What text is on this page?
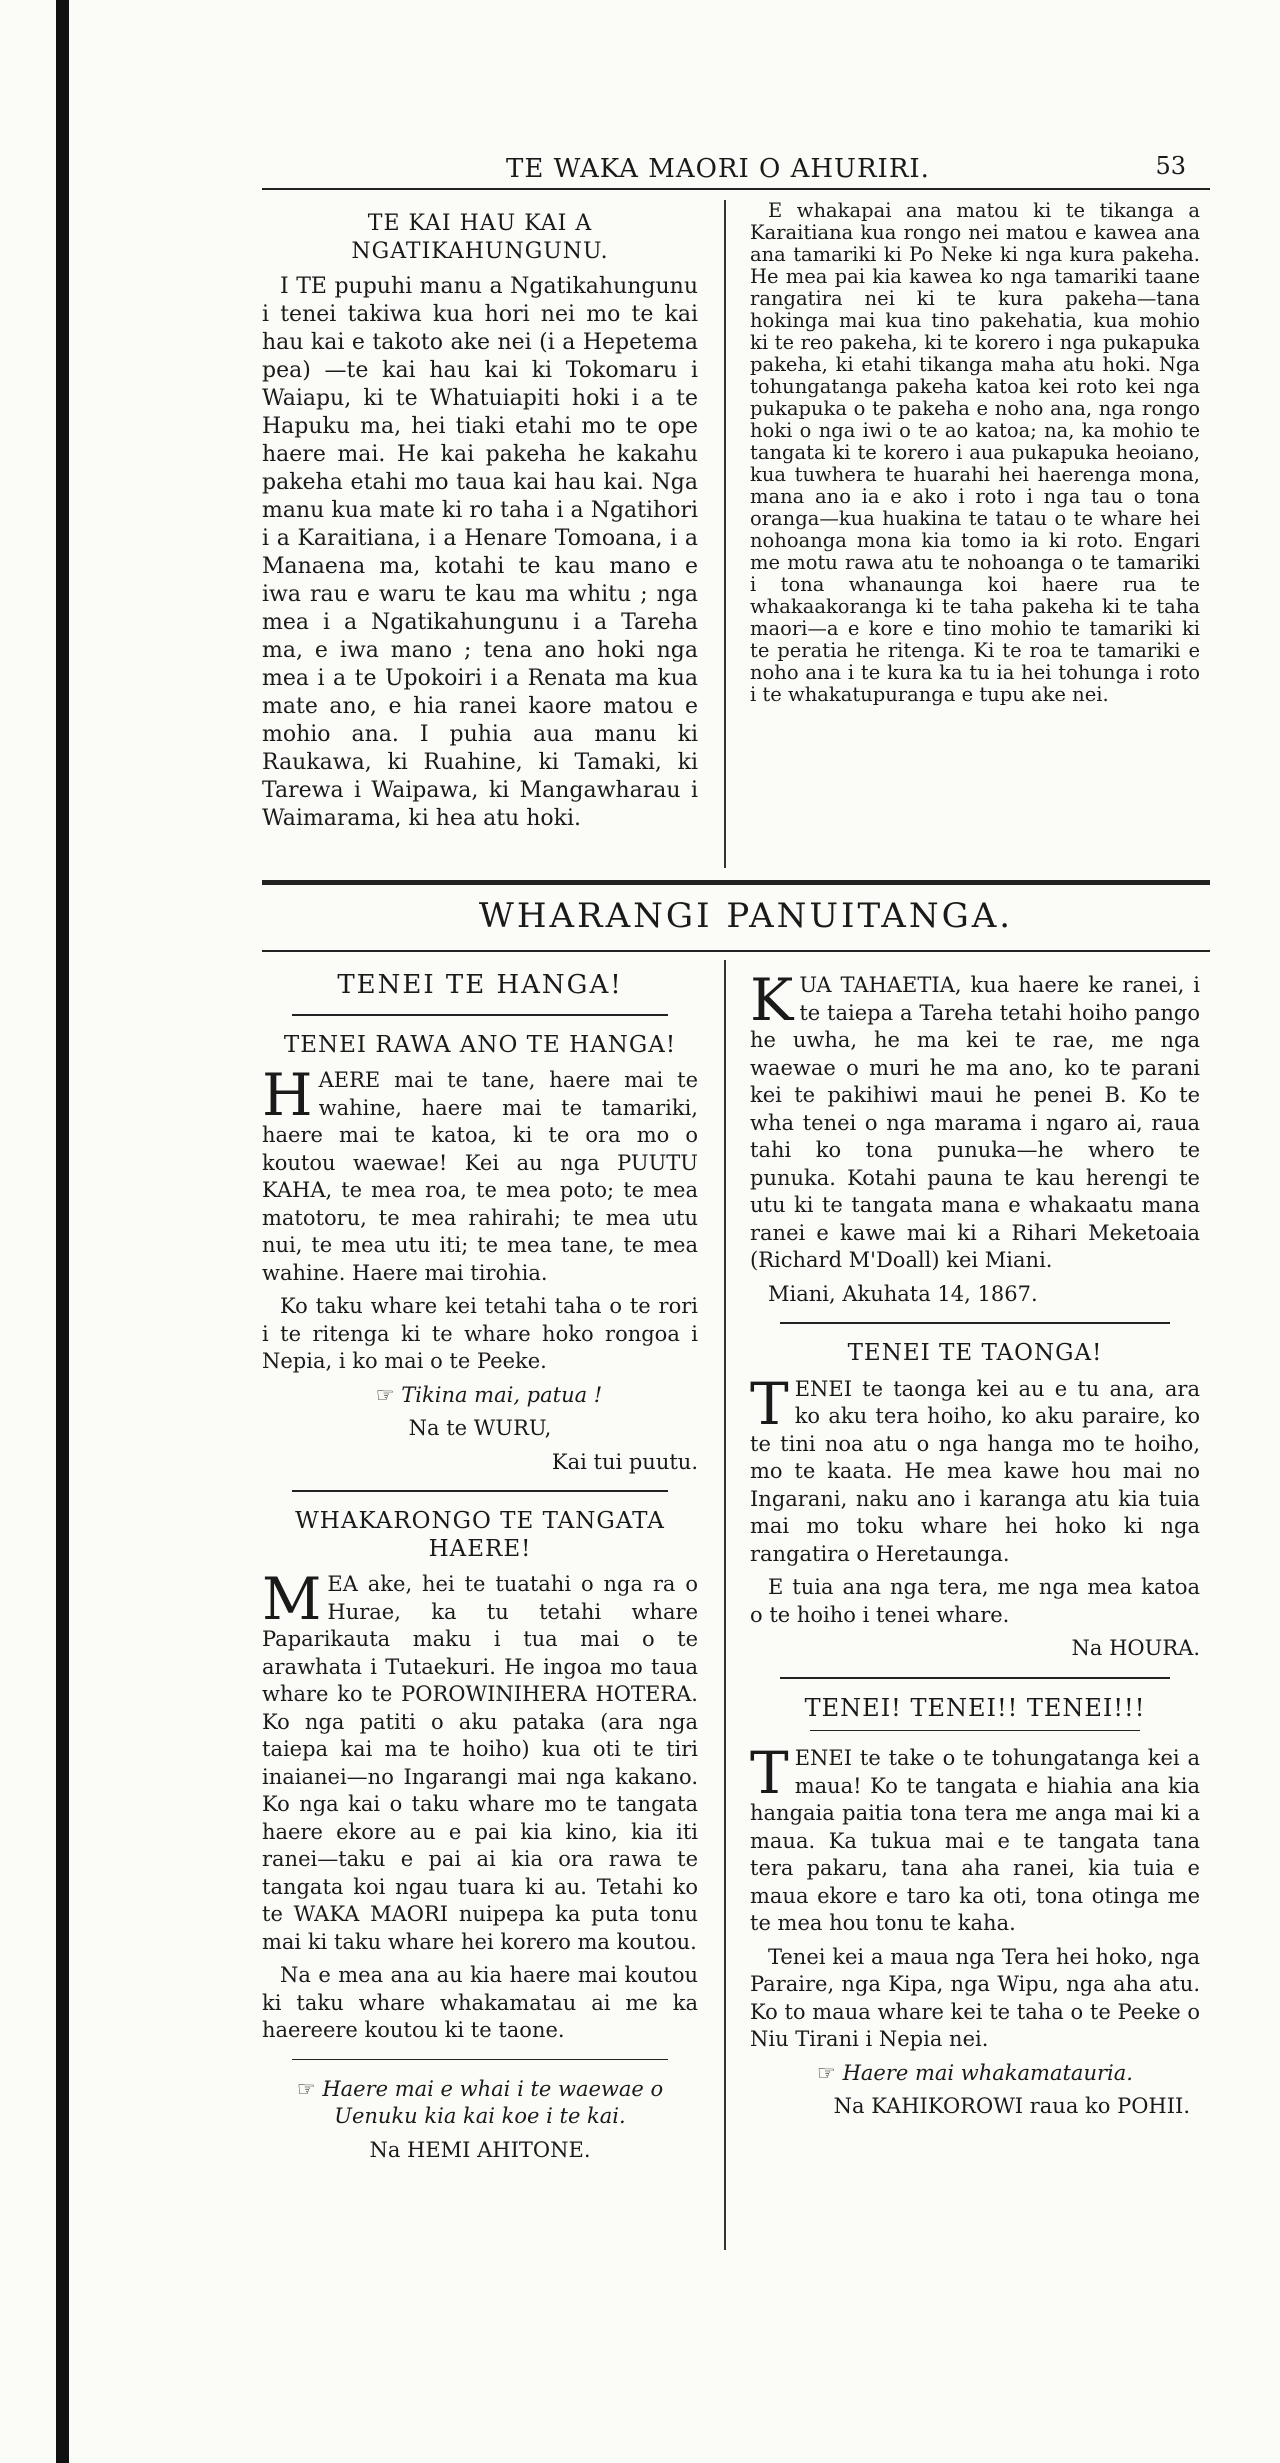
TE WAKA MAORI O AHURIRI.	53
TE KAI HAU KAI A NGATIKAHUNGUNU.

I TE pupuhi manu a Ngatikahungunu i tenei takiwa kua hori nei mo te kai hau kai e takoto ake nei (i a Hepetema pea) —te kai hau kai ki Tokomaru i Waiapu, ki te Whatuiapiti hoki i a te Hapuku ma, hei tiaki etahi mo te ope haere mai. He kai pakeha he kakahu pakeha etahi mo taua kai hau kai. Nga manu kua mate ki ro taha i a Ngatihori i a Karaitiana, i a Henare Tomoana, i a Manaena ma, kotahi te kau mano e iwa rau e waru te kau ma whitu ; nga mea i a Ngatikahungunu i a Tareha ma, e iwa mano ; tena ano hoki nga mea i a te Upokoiri i a Renata ma kua mate ano, e hia ranei kaore matou e mohio ana. I puhia aua manu ki Raukawa, ki Ruahine, ki Tamaki, ki Tarewa i Waipawa, ki Mangawharau i Waimarama, ki hea atu hoki.

E whakapai ana matou ki te tikanga a Karaitiana kua rongo nei matou e kawea ana ana tamariki ki Po Neke ki nga kura pakeha. He mea pai kia kawea ko nga tamariki taane rangatira nei ki te kura pakeha—tana hokinga mai kua tino pakehatia, kua mohio ki te reo pakeha, ki te korero i nga pukapuka pakeha, ki etahi tikanga maha atu hoki. Nga tohungatanga pakeha katoa kei roto kei nga pukapuka o te pakeha e noho ana, nga rongo hoki o nga iwi o te ao katoa; na, ka mohio te tangata ki te korero i aua pukapuka heoiano, kua tuwhera te huarahi hei haerenga mona, mana ano ia e ako i roto i nga tau o tona oranga—kua huakina te tatau o te whare hei nohoanga mona kia tomo ia ki roto. Engari me motu rawa atu te nohoanga o te tamariki i tona whanaunga koi haere rua te whakaakoranga ki te taha pakeha ki te taha maori—a e kore e tino mohio te tamariki ki te peratia he ritenga. Ki te roa te tamariki e noho ana i te kura ka tu ia hei tohunga i roto i te whakatupuranga e tupu ake nei.

WHARANGI PANUITANGA.
TENEI TE HANGA!
TENEI RAWA ANO TE HANGA!

HAERE mai te tane, haere mai te wahine, haere mai te tamariki, haere mai te katoa, ki te ora mo o koutou waewae! Kei au nga PUUTU KAHA, te mea roa, te mea poto; te mea matotoru, te mea rahirahi; te mea utu nui, te mea utu iti; te mea tane, te mea wahine. Haere mai tirohia.

Ko taku whare kei tetahi taha o te rori i te ritenga ki te whare hoko rongoa i Nepia, i ko mai o te Peeke.

☞ Tikina mai, patua !

Na te WURU,

Kai tui puutu.

WHAKARONGO TE TANGATA HAERE!

MEA ake, hei te tuatahi o nga ra o Hurae, ka tu tetahi whare Paparikauta maku i tua mai o te arawhata i Tutaekuri. He ingoa mo taua whare ko te POROWINIHERA HOTERA. Ko nga patiti o aku pataka (ara nga taiepa kai ma te hoiho) kua oti te tiri inaianei—no Ingarangi mai nga kakano. Ko nga kai o taku whare mo te tangata haere ekore au e pai kia kino, kia iti ranei—taku e pai ai kia ora rawa te tangata koi ngau tuara ki au. Tetahi ko te WAKA MAORI nuipepa ka puta tonu mai ki taku whare hei korero ma koutou.

Na e mea ana au kia haere mai koutou ki taku whare whakamatau ai me ka haereere koutou ki te taone.

☞ Haere mai e whai i te waewae o Uenuku kia kai koe i te kai.

Na HEMI AHITONE.

KUA TAHAETIA, kua haere ke ranei, i te taiepa a Tareha tetahi hoiho pango he uwha, he ma kei te rae, me nga waewae o muri he ma ano, ko te parani kei te pakihiwi maui he penei B. Ko te wha tenei o nga marama i ngaro ai, raua tahi ko tona punuka—he whero te punuka. Kotahi pauna te kau herengi te utu ki te tangata mana e whakaatu mana ranei e kawe mai ki a Rihari Meketoaia (Richard M'Doall) kei Miani.

Miani, Akuhata 14, 1867.

TENEI TE TAONGA!

TENEI te taonga kei au e tu ana, ara ko aku tera hoiho, ko aku paraire, ko te tini noa atu o nga hanga mo te hoiho, mo te kaata. He mea kawe hou mai no Ingarani, naku ano i karanga atu kia tuia mai mo toku whare hei hoko ki nga rangatira o Heretaunga.

E tuia ana nga tera, me nga mea katoa o te hoiho i tenei whare.

Na HOURA.

TENEI! TENEI!! TENEI!!!

TENEI te take o te tohungatanga kei a maua! Ko te tangata e hiahia ana kia hangaia paitia tona tera me anga mai ki a maua. Ka tukua mai e te tangata tana tera pakaru, tana aha ranei, kia tuia e maua ekore e taro ka oti, tona otinga me te mea hou tonu te kaha.

Tenei kei a maua nga Tera hei hoko, nga Paraire, nga Kipa, nga Wipu, nga aha atu. Ko to maua whare kei te taha o te Peeke o Niu Tirani i Nepia nei.

☞ Haere mai whakamatauria.

Na KAHIKOROWI raua ko POHII.
